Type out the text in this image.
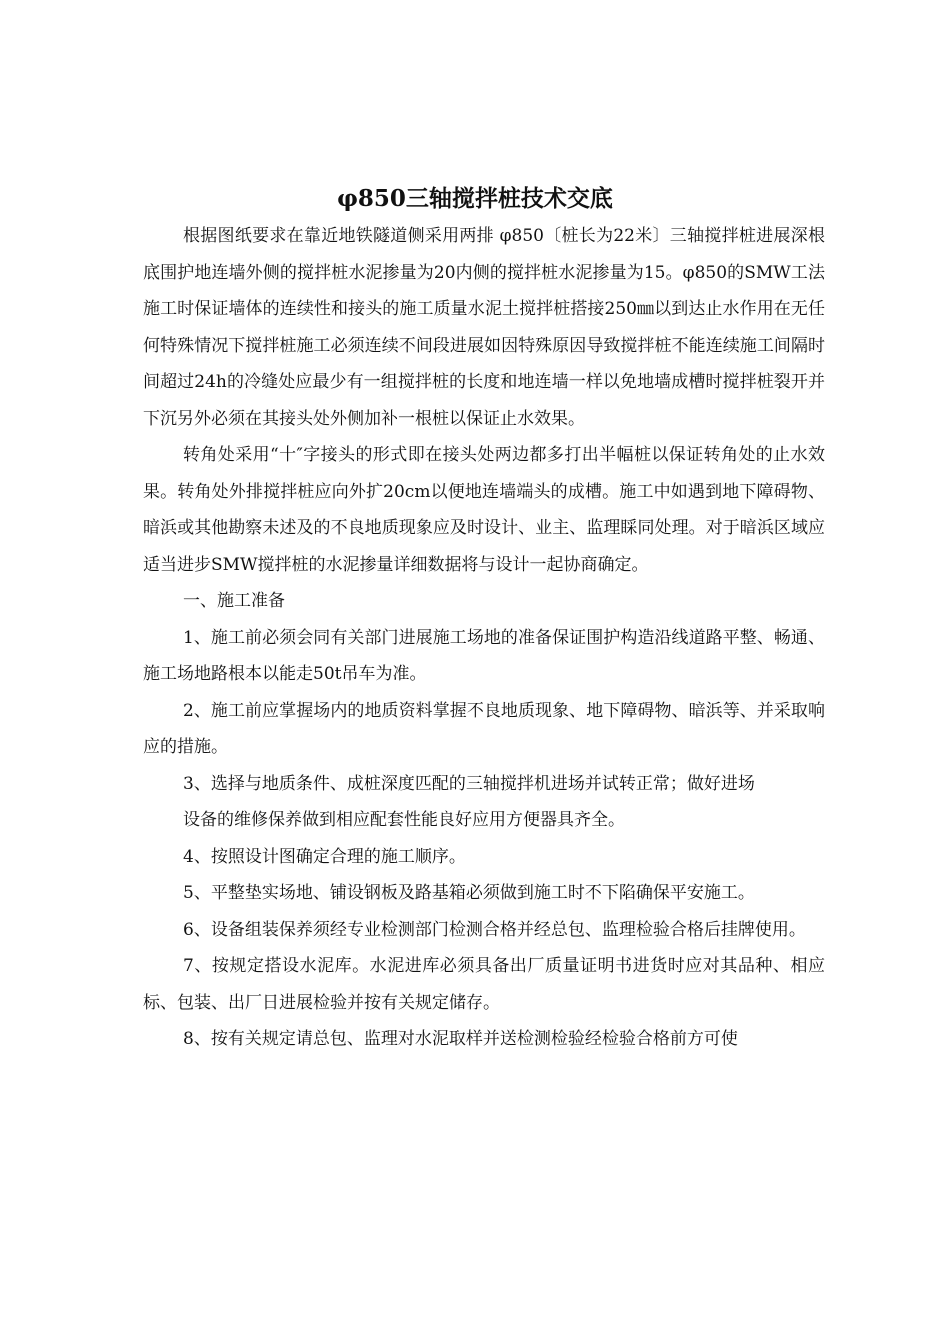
φ850三轴搅拌桩技术交底

根据图纸要求在靠近地铁隧道侧采用两排 φ850〔桩长为22米〕三轴搅拌桩进展深根底围护地连墙外侧的搅拌桩水泥掺量为20内侧的搅拌桩水泥掺量为15。φ850的SMW工法施工时保证墙体的连续性和接头的施工质量水泥土搅拌桩搭接250㎜以到达止水作用在无任何特殊情况下搅拌桩施工必须连续不间段进展如因特殊原因导致搅拌桩不能连续施工间隔时间超过24h的冷缝处应最少有一组搅拌桩的长度和地连墙一样以免地墙成槽时搅拌桩裂开并下沉另外必须在其接头处外侧加补一根桩以保证止水效果。

转角处采用“十″字接头的形式即在接头处两边都多打出半幅桩以保证转角处的止水效果。转角处外排搅拌桩应向外扩20cm以便地连墙端头的成槽。施工中如遇到地下障碍物、暗浜或其他勘察未述及的不良地质现象应及时设计、业主、监理睬同处理。对于暗浜区域应适当进步SMW搅拌桩的水泥掺量详细数据将与设计一起协商确定。

一、施工准备

1、施工前必须会同有关部门进展施工场地的准备保证围护构造沿线道路平整、畅通、施工场地路根本以能走50t吊车为准。

2、施工前应掌握场内的地质资料掌握不良地质现象、地下障碍物、暗浜等、并采取响应的措施。

3、选择与地质条件、成桩深度匹配的三轴搅拌机进场并试转正常；做好进场

设备的维修保养做到相应配套性能良好应用方便器具齐全。

4、按照设计图确定合理的施工顺序。

5、平整垫实场地、铺设钢板及路基箱必须做到施工时不下陷确保平安施工。

6、设备组装保养须经专业检测部门检测合格并经总包、监理检验合格后挂牌使用。

7、按规定搭设水泥库。水泥进库必须具备出厂质量证明书进货时应对其品种、相应标、包装、出厂日进展检验并按有关规定储存。

8、按有关规定请总包、监理对水泥取样并送检测检验经检验合格前方可使
